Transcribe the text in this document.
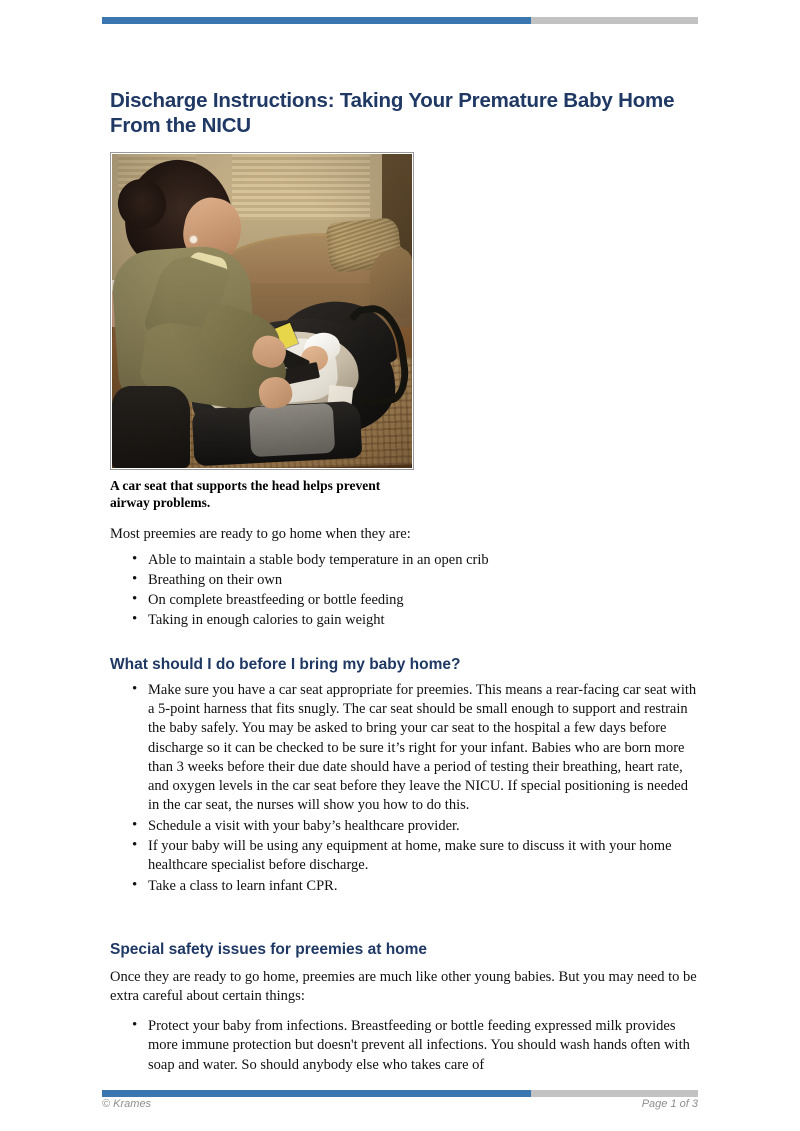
Discharge Instructions: Taking Your Premature Baby Home From the NICU
A car seat that supports the head helps prevent airway problems.

Most preemies are ready to go home when they are:

• Able to maintain a stable body temperature in an open crib
• Breathing on their own
• On complete breastfeeding or bottle feeding
• Taking in enough calories to gain weight
What should I do before I bring my baby home?
• Make sure you have a car seat appropriate for preemies. This means a rear-facing car seat with a 5-point harness that fits snugly. The car seat should be small enough to support and restrain the baby safely. You may be asked to bring your car seat to the hospital a few days before discharge so it can be checked to be sure it’s right for your infant. Babies who are born more than 3 weeks before their due date should have a period of testing their breathing, heart rate, and oxygen levels in the car seat before they leave the NICU. If special positioning is needed in the car seat, the nurses will show you how to do this.
• Schedule a visit with your baby’s healthcare provider.
• If your baby will be using any equipment at home, make sure to discuss it with your home healthcare specialist before discharge.
• Take a class to learn infant CPR.
Special safety issues for preemies at home

Once they are ready to go home, preemies are much like other young babies. But you may need to be extra careful about certain things:

• Protect your baby from infections. Breastfeeding or bottle feeding expressed milk provides more immune protection but doesn't prevent all infections. You should wash hands often with soap and water. So should anybody else who takes care of
© Krames	Page 1 of 3
